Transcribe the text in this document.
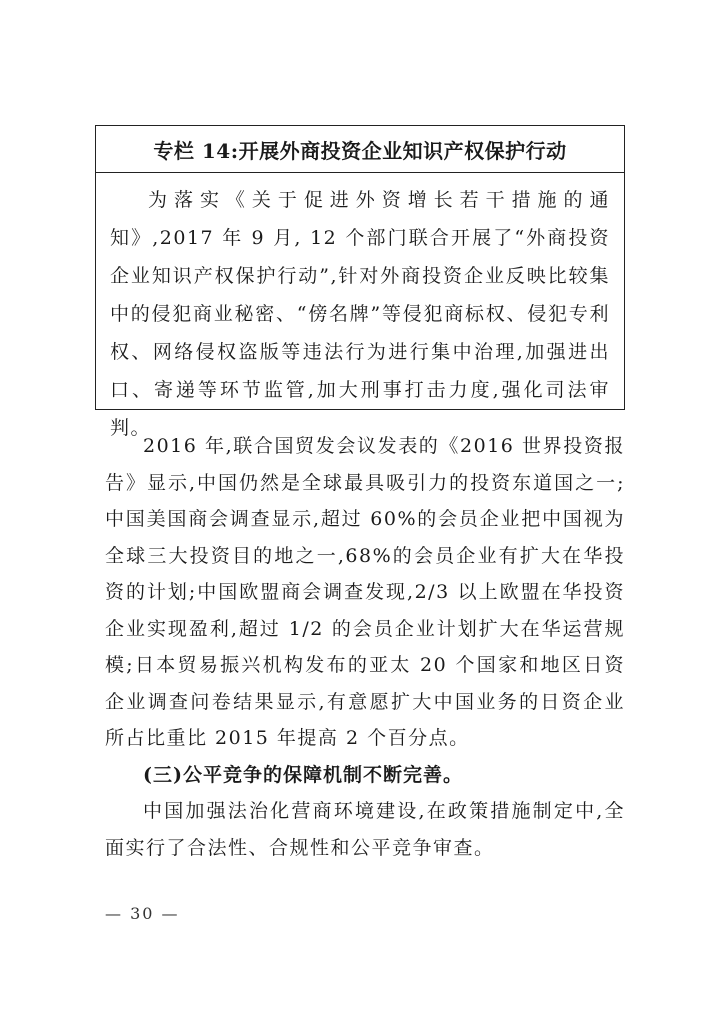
专栏 14:开展外商投资企业知识产权保护行动
为落实《关于促进外资增长若干措施的通知》,2017 年 9 月, 12 个部门联合开展了“外商投资企业知识产权保护行动”,针对外商投资企业反映比较集中的侵犯商业秘密、“傍名牌”等侵犯商标权、侵犯专利权、网络侵权盗版等违法行为进行集中治理,加强进出口、寄递等环节监管,加大刑事打击力度,强化司法审判。

2016 年,联合国贸发会议发表的《2016 世界投资报告》显示,中国仍然是全球最具吸引力的投资东道国之一;中国美国商会调查显示,超过 60%的会员企业把中国视为全球三大投资目的地之一,68%的会员企业有扩大在华投资的计划;中国欧盟商会调查发现,2/3 以上欧盟在华投资企业实现盈利,超过 1/2 的会员企业计划扩大在华运营规模;日本贸易振兴机构发布的亚太 20 个国家和地区日资企业调查问卷结果显示,有意愿扩大中国业务的日资企业所占比重比 2015 年提高 2 个百分点。

(三)公平竞争的保障机制不断完善。

中国加强法治化营商环境建设,在政策措施制定中,全面实行了合法性、合规性和公平竞争审查。

— 30 —
